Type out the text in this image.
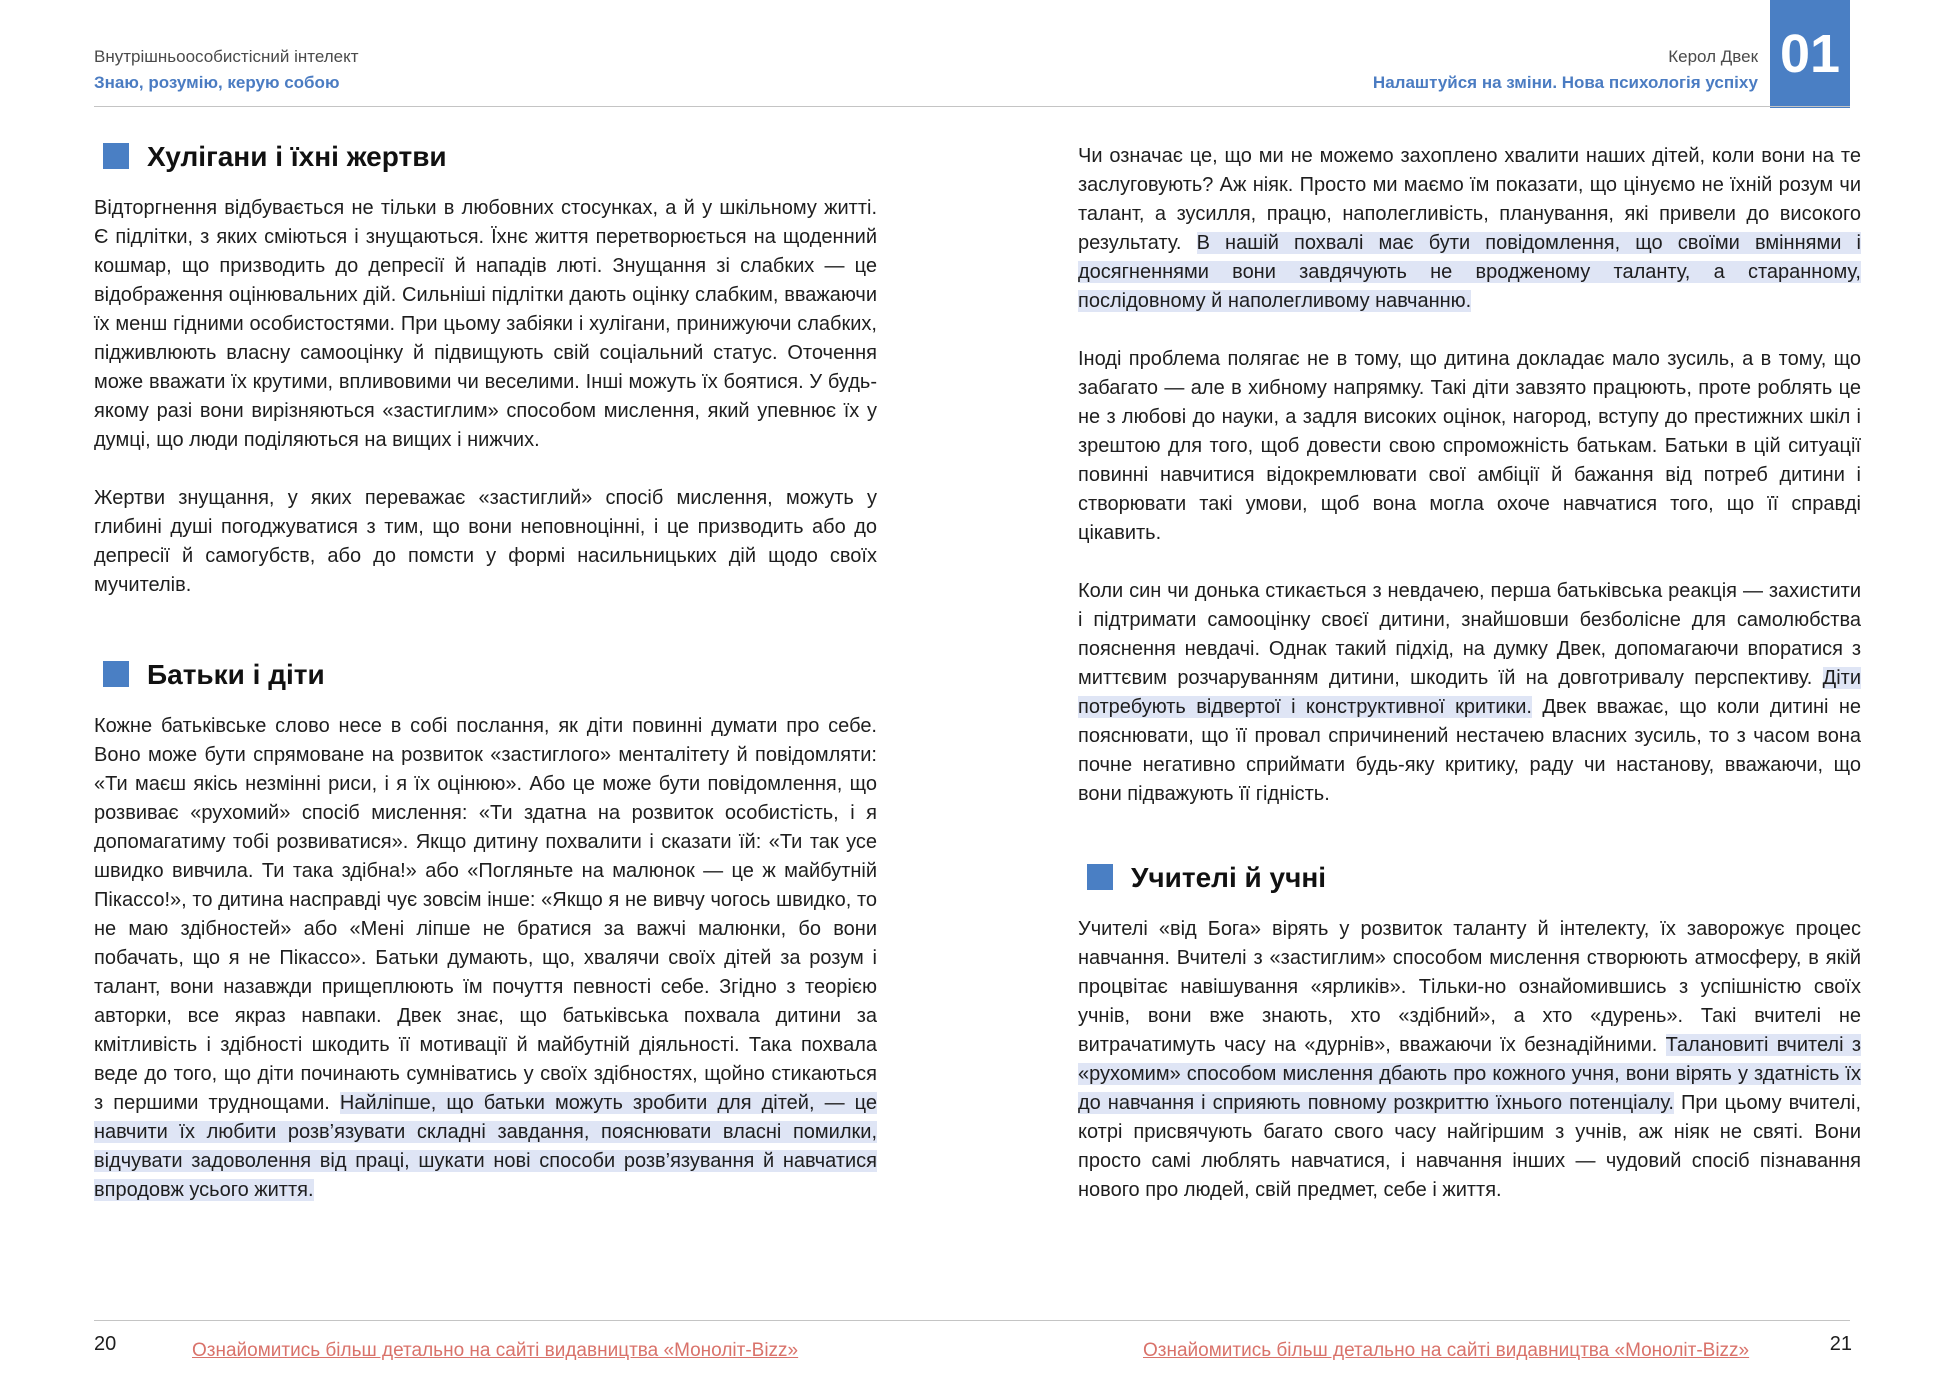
Внутрішньоособистісний інтелект
Знаю, розумію, керую собою
Керол Двек
Налаштуйся на зміни. Нова психологія успіху 01
Хулігани і їхні жертви

Відторгнення відбувається не тільки в любовних стосунках, а й у шкільному житті. Є підлітки, з яких сміються і знущаються. Їхнє життя перетворюється на щоденний кошмар, що призводить до депресії й нападів люті. Знущання зі слабких — це відображення оцінювальних дій. Сильніші підлітки дають оцінку слабким, вважаючи їх менш гідними особистостями. При цьому забіяки і хулігани, принижуючи слабких, підживлюють власну самооцінку й підвищують свій соціальний статус. Оточення може вважати їх крутими, впливовими чи веселими. Інші можуть їх боятися. У будь-якому разі вони вирізняються «застиглим» способом мислення, який упевнює їх у думці, що люди поділяються на вищих і нижчих.

Жертви знущання, у яких переважає «застиглий» спосіб мислення, можуть у глибині душі погоджуватися з тим, що вони неповноцінні, і це призводить або до депресії й самогубств, або до помсти у формі насильницьких дій щодо своїх мучителів.

Батьки і діти

Кожне батьківське слово несе в собі послання, як діти повинні думати про себе. Воно може бути спрямоване на розвиток «застиглого» менталітету й повідомляти: «Ти маєш якісь незмінні риси, і я їх оцінюю». Або це може бути повідомлення, що розвиває «рухомий» спосіб мислення: «Ти здатна на розвиток особистість, і я допомагатиму тобі розвиватися». Якщо дитину похвалити і сказати їй: «Ти так усе швидко вивчила. Ти така здібна!» або «Погляньте на малюнок — це ж майбутній Пікассо!», то дитина насправді чує зовсім інше: «Якщо я не вивчу чогось швидко, то не маю здібностей» або «Мені ліпше не братися за важчі малюнки, бо вони побачать, що я не Пікассо». Батьки думають, що, хвалячи своїх дітей за розум і талант, вони назавжди прищеплюють їм почуття певності себе. Згідно з теорією авторки, все якраз навпаки. Двек знає, що батьківська похвала дитини за кмітливість і здібності шкодить її мотивації й майбутній діяльності. Така похвала веде до того, що діти починають сумніватись у своїх здібностях, щойно стикаються з першими труднощами. Найліпше, що батьки можуть зробити для дітей, — це навчити їх любити розв’язувати складні завдання, пояснювати власні помилки, відчувати задоволення від праці, шукати нові способи розв’язування й навчатися впродовж усього життя.

Чи означає це, що ми не можемо захоплено хвалити наших дітей, коли вони на те заслуговують? Аж ніяк. Просто ми маємо їм показати, що цінуємо не їхній розум чи талант, а зусилля, працю, наполегливість, планування, які привели до високого результату. В нашій похвалі має бути повідомлення, що своїми вміннями і досягненнями вони завдячують не вродженому таланту, а старанному, послідовному й наполегливому навчанню.

Іноді проблема полягає не в тому, що дитина докладає мало зусиль, а в тому, що забагато — але в хибному напрямку. Такі діти завзято працюють, проте роблять це не з любові до науки, а задля високих оцінок, нагород, вступу до престижних шкіл і зрештою для того, щоб довести свою спроможність батькам. Батьки в цій ситуації повинні навчитися відокремлювати свої амбіції й бажання від потреб дитини і створювати такі умови, щоб вона могла охоче навчатися того, що її справді цікавить.

Коли син чи донька стикається з невдачею, перша батьківська реакція — захистити і підтримати самооцінку своєї дитини, знайшовши безболісне для самолюбства пояснення невдачі. Однак такий підхід, на думку Двек, допомагаючи впоратися з миттєвим розчаруванням дитини, шкодить їй на довготривалу перспективу. Діти потребують відвертої і конструктивної критики. Двек вважає, що коли дитині не пояснювати, що її провал спричинений нестачею власних зусиль, то з часом вона почне негативно сприймати будь-яку критику, раду чи настанову, вважаючи, що вони підважують її гідність.

Учителі й учні

Учителі «від Бога» вірять у розвиток таланту й інтелекту, їх заворожує процес навчання. Вчителі з «застиглим» способом мислення створюють атмосферу, в якій процвітає навішування «ярликів». Тільки-но ознайомившись з успішністю своїх учнів, вони вже знають, хто «здібний», а хто «дурень». Такі вчителі не витрачатимуть часу на «дурнів», вважаючи їх безнадійними. Талановиті вчителі з «рухомим» способом мислення дбають про кожного учня, вони вірять у здатність їх до навчання і сприяють повному розкриттю їхнього потенціалу. При цьому вчителі, котрі присвячують багато свого часу найгіршим з учнів, аж ніяк не святі. Вони просто самі люблять навчатися, і навчання інших — чудовий спосіб пізнавання нового про людей, свій предмет, себе і життя.

20	21
Ознайомитись більш детально на сайті видавництва «Моноліт-Bizz»	Ознайомитись більш детально на сайті видавництва «Моноліт-Bizz»
